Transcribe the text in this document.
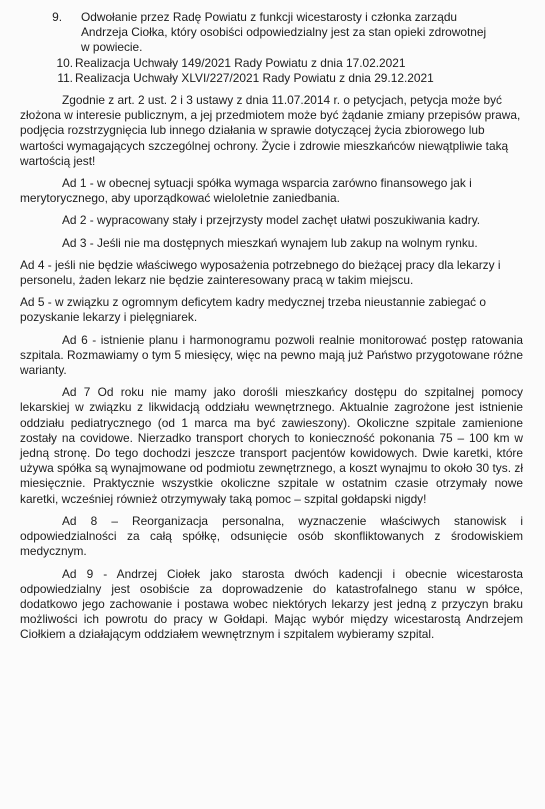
9.	Odwołanie przez Radę Powiatu z funkcji wicestarosty i członka zarządu Andrzeja Ciołka, który osobiści odpowiedzialny jest za stan opieki zdrowotnej w powiecie.
10. Realizacja Uchwały 149/2021 Rady Powiatu z dnia 17.02.2021
11. Realizacja Uchwały XLVI/227/2021 Rady Powiatu z dnia 29.12.2021

Zgodnie z art. 2 ust. 2 i 3 ustawy z dnia 11.07.2014 r. o petycjach, petycja może być złożona w interesie publicznym, a jej przedmiotem może być żądanie zmiany przepisów prawa, podjęcia rozstrzygnięcia lub innego działania w sprawie dotyczącej życia zbiorowego lub wartości wymagających szczególnej ochrony. Życie i zdrowie mieszkańców niewątpliwie taką wartością jest!

Ad 1 - w obecnej sytuacji spółka wymaga wsparcia zarówno finansowego jak i merytorycznego, aby uporządkować wieloletnie zaniedbania.

Ad 2 - wypracowany stały i przejrzysty model zachęt ułatwi poszukiwania kadry.

Ad 3 - Jeśli nie ma dostępnych mieszkań wynajem lub zakup na wolnym rynku.

Ad 4 - jeśli nie będzie właściwego wyposażenia potrzebnego do bieżącej pracy dla lekarzy i personelu, żaden lekarz nie będzie zainteresowany pracą w takim miejscu.

Ad 5 - w związku z ogromnym deficytem kadry medycznej trzeba nieustannie zabiegać o pozyskanie lekarzy i pielęgniarek.

Ad 6 - istnienie planu i harmonogramu pozwoli realnie monitorować postęp ratowania szpitala. Rozmawiamy o tym 5 miesięcy, więc na pewno mają już Państwo przygotowane różne warianty.

Ad 7 Od roku nie mamy jako dorośli mieszkańcy dostępu do szpitalnej pomocy lekarskiej w związku z likwidacją oddziału wewnętrznego. Aktualnie zagrożone jest istnienie oddziału pediatrycznego (od 1 marca ma być zawieszony). Okoliczne szpitale zamienione zostały na covidowe. Nierzadko transport chorych to konieczność pokonania 75 – 100 km w jedną stronę. Do tego dochodzi jeszcze transport pacjentów kowidowych. Dwie karetki, które używa spółka są wynajmowane od podmiotu zewnętrznego, a koszt wynajmu to około 30 tys. zł miesięcznie. Praktycznie wszystkie okoliczne szpitale w ostatnim czasie otrzymały nowe karetki, wcześniej również otrzymywały taką pomoc – szpital gołdapski nigdy!

Ad 8 – Reorganizacja personalna, wyznaczenie właściwych stanowisk i odpowiedzialności za całą spółkę, odsunięcie osób skonfliktowanych z środowiskiem medycznym.

Ad 9 - Andrzej Ciołek jako starosta dwóch kadencji i obecnie wicestarosta odpowiedzialny jest osobiście za doprowadzenie do katastrofalnego stanu w spółce, dodatkowo jego zachowanie i postawa wobec niektórych lekarzy jest jedną z przyczyn braku możliwości ich powrotu do pracy w Gołdapi. Mając wybór między wicestarostą Andrzejem Ciołkiem a działającym oddziałem wewnętrznym i szpitalem wybieramy szpital.
